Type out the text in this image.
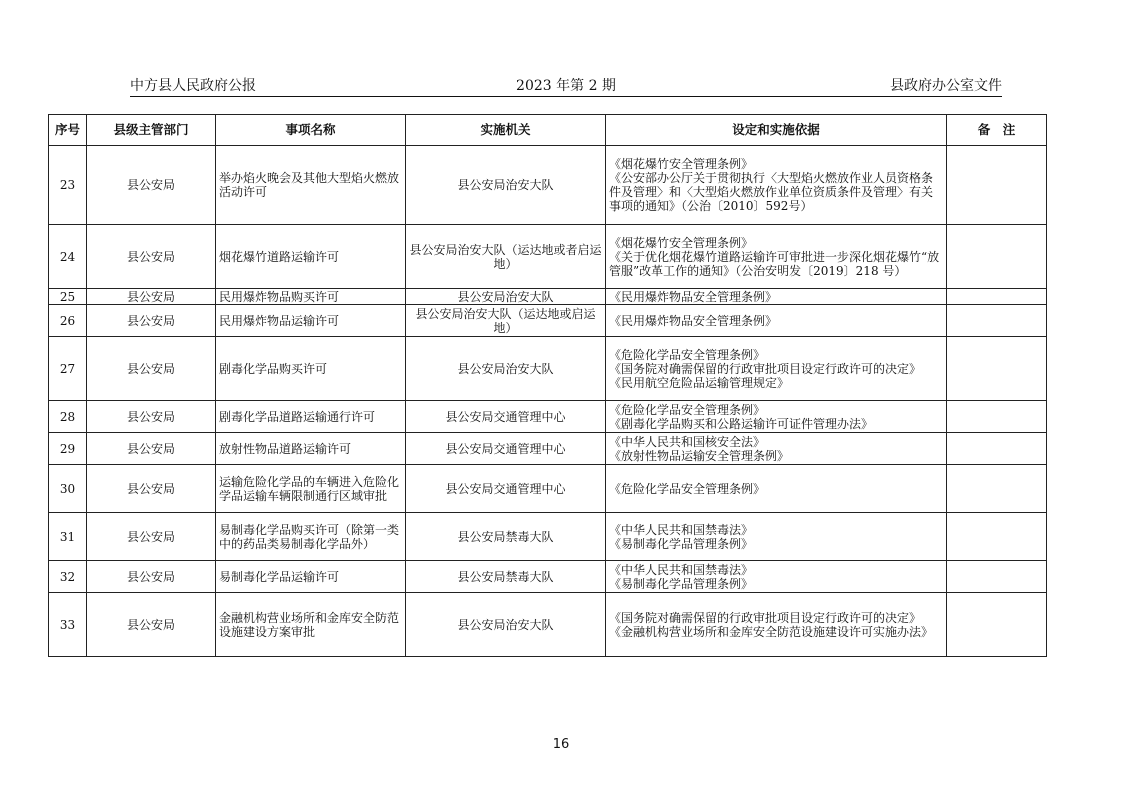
中方县人民政府公报	2023 年第 2 期	县政府办公室文件
序号	县级主管部门	事项名称	实施机关	设定和实施依据	备　注
23	县公安局	举办焰火晚会及其他大型焰火燃放活动许可	县公安局治安大队	《烟花爆竹安全管理条例》
《公安部办公厅关于贯彻执行〈大型焰火燃放作业人员资格条件及管理〉和〈大型焰火燃放作业单位资质条件及管理〉有关事项的通知》（公治〔2010〕592号）	

24	县公安局	烟花爆竹道路运输许可	县公安局治安大队（运达地或者启运地）	《烟花爆竹安全管理条例》
《关于优化烟花爆竹道路运输许可审批进一步深化烟花爆竹“放管服”改革工作的通知》（公治安明发〔2019〕218 号）	

25	县公安局	民用爆炸物品购买许可	县公安局治安大队	《民用爆炸物品安全管理条例》	

26	县公安局	民用爆炸物品运输许可	县公安局治安大队（运达地或启运地）	《民用爆炸物品安全管理条例》	

27	县公安局	剧毒化学品购买许可	县公安局治安大队	《危险化学品安全管理条例》
《国务院对确需保留的行政审批项目设定行政许可的决定》
《民用航空危险品运输管理规定》	

28	县公安局	剧毒化学品道路运输通行许可	县公安局交通管理中心	《危险化学品安全管理条例》
《剧毒化学品购买和公路运输许可证件管理办法》	

29	县公安局	放射性物品道路运输许可	县公安局交通管理中心	《中华人民共和国核安全法》
《放射性物品运输安全管理条例》	

30	县公安局	运输危险化学品的车辆进入危险化学品运输车辆限制通行区域审批	县公安局交通管理中心	《危险化学品安全管理条例》	

31	县公安局	易制毒化学品购买许可（除第一类中的药品类易制毒化学品外）	县公安局禁毒大队	《中华人民共和国禁毒法》
《易制毒化学品管理条例》	

32	县公安局	易制毒化学品运输许可	县公安局禁毒大队	《中华人民共和国禁毒法》
《易制毒化学品管理条例》	

33	县公安局	金融机构营业场所和金库安全防范设施建设方案审批	县公安局治安大队	《国务院对确需保留的行政审批项目设定行政许可的决定》
《金融机构营业场所和金库安全防范设施建设许可实施办法》	

16
